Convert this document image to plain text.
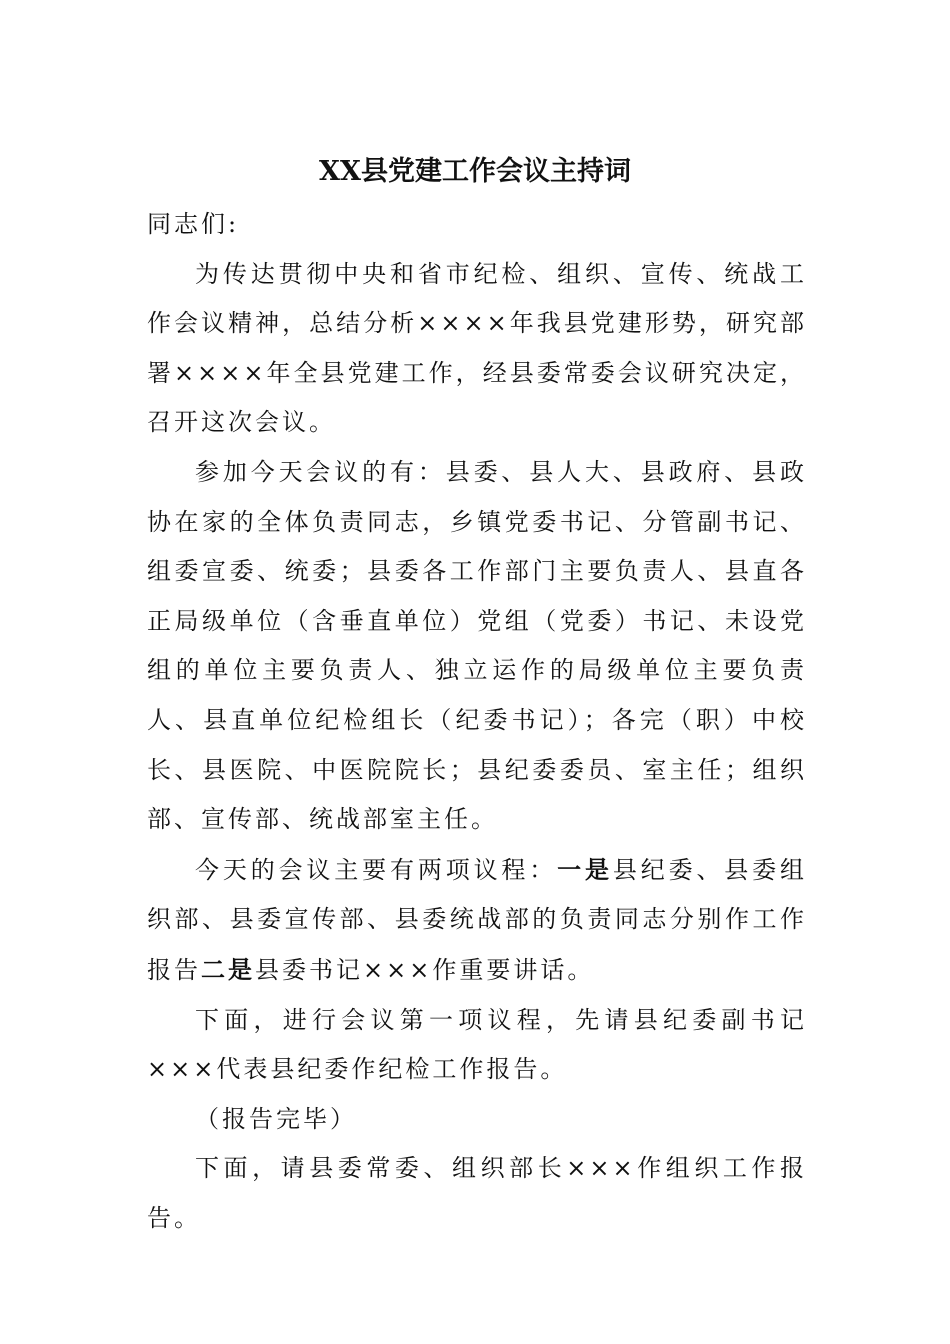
XX县党建工作会议主持词

同志们:

为传达贯彻中央和省市纪检、组织、宣传、统战工作会议精神，总结分析××××年我县党建形势，研究部署××××年全县党建工作，经县委常委会议研究决定，召开这次会议。

参加今天会议的有：县委、县人大、县政府、县政协在家的全体负责同志，乡镇党委书记、分管副书记、组委宣委、统委；县委各工作部门主要负责人、县直各正局级单位（含垂直单位）党组（党委）书记、未设党组的单位主要负责人、独立运作的局级单位主要负责人、县直单位纪检组长（纪委书记）；各完（职）中校长、县医院、中医院院长；县纪委委员、室主任；组织部、宣传部、统战部室主任。

今天的会议主要有两项议程：一是县纪委、县委组织部、县委宣传部、县委统战部的负责同志分别作工作报告二是县委书记×××作重要讲话。

下面，进行会议第一项议程，先请县纪委副书记×××代表县纪委作纪检工作报告。

（报告完毕）

下面，请县委常委、组织部长×××作组织工作报告。
